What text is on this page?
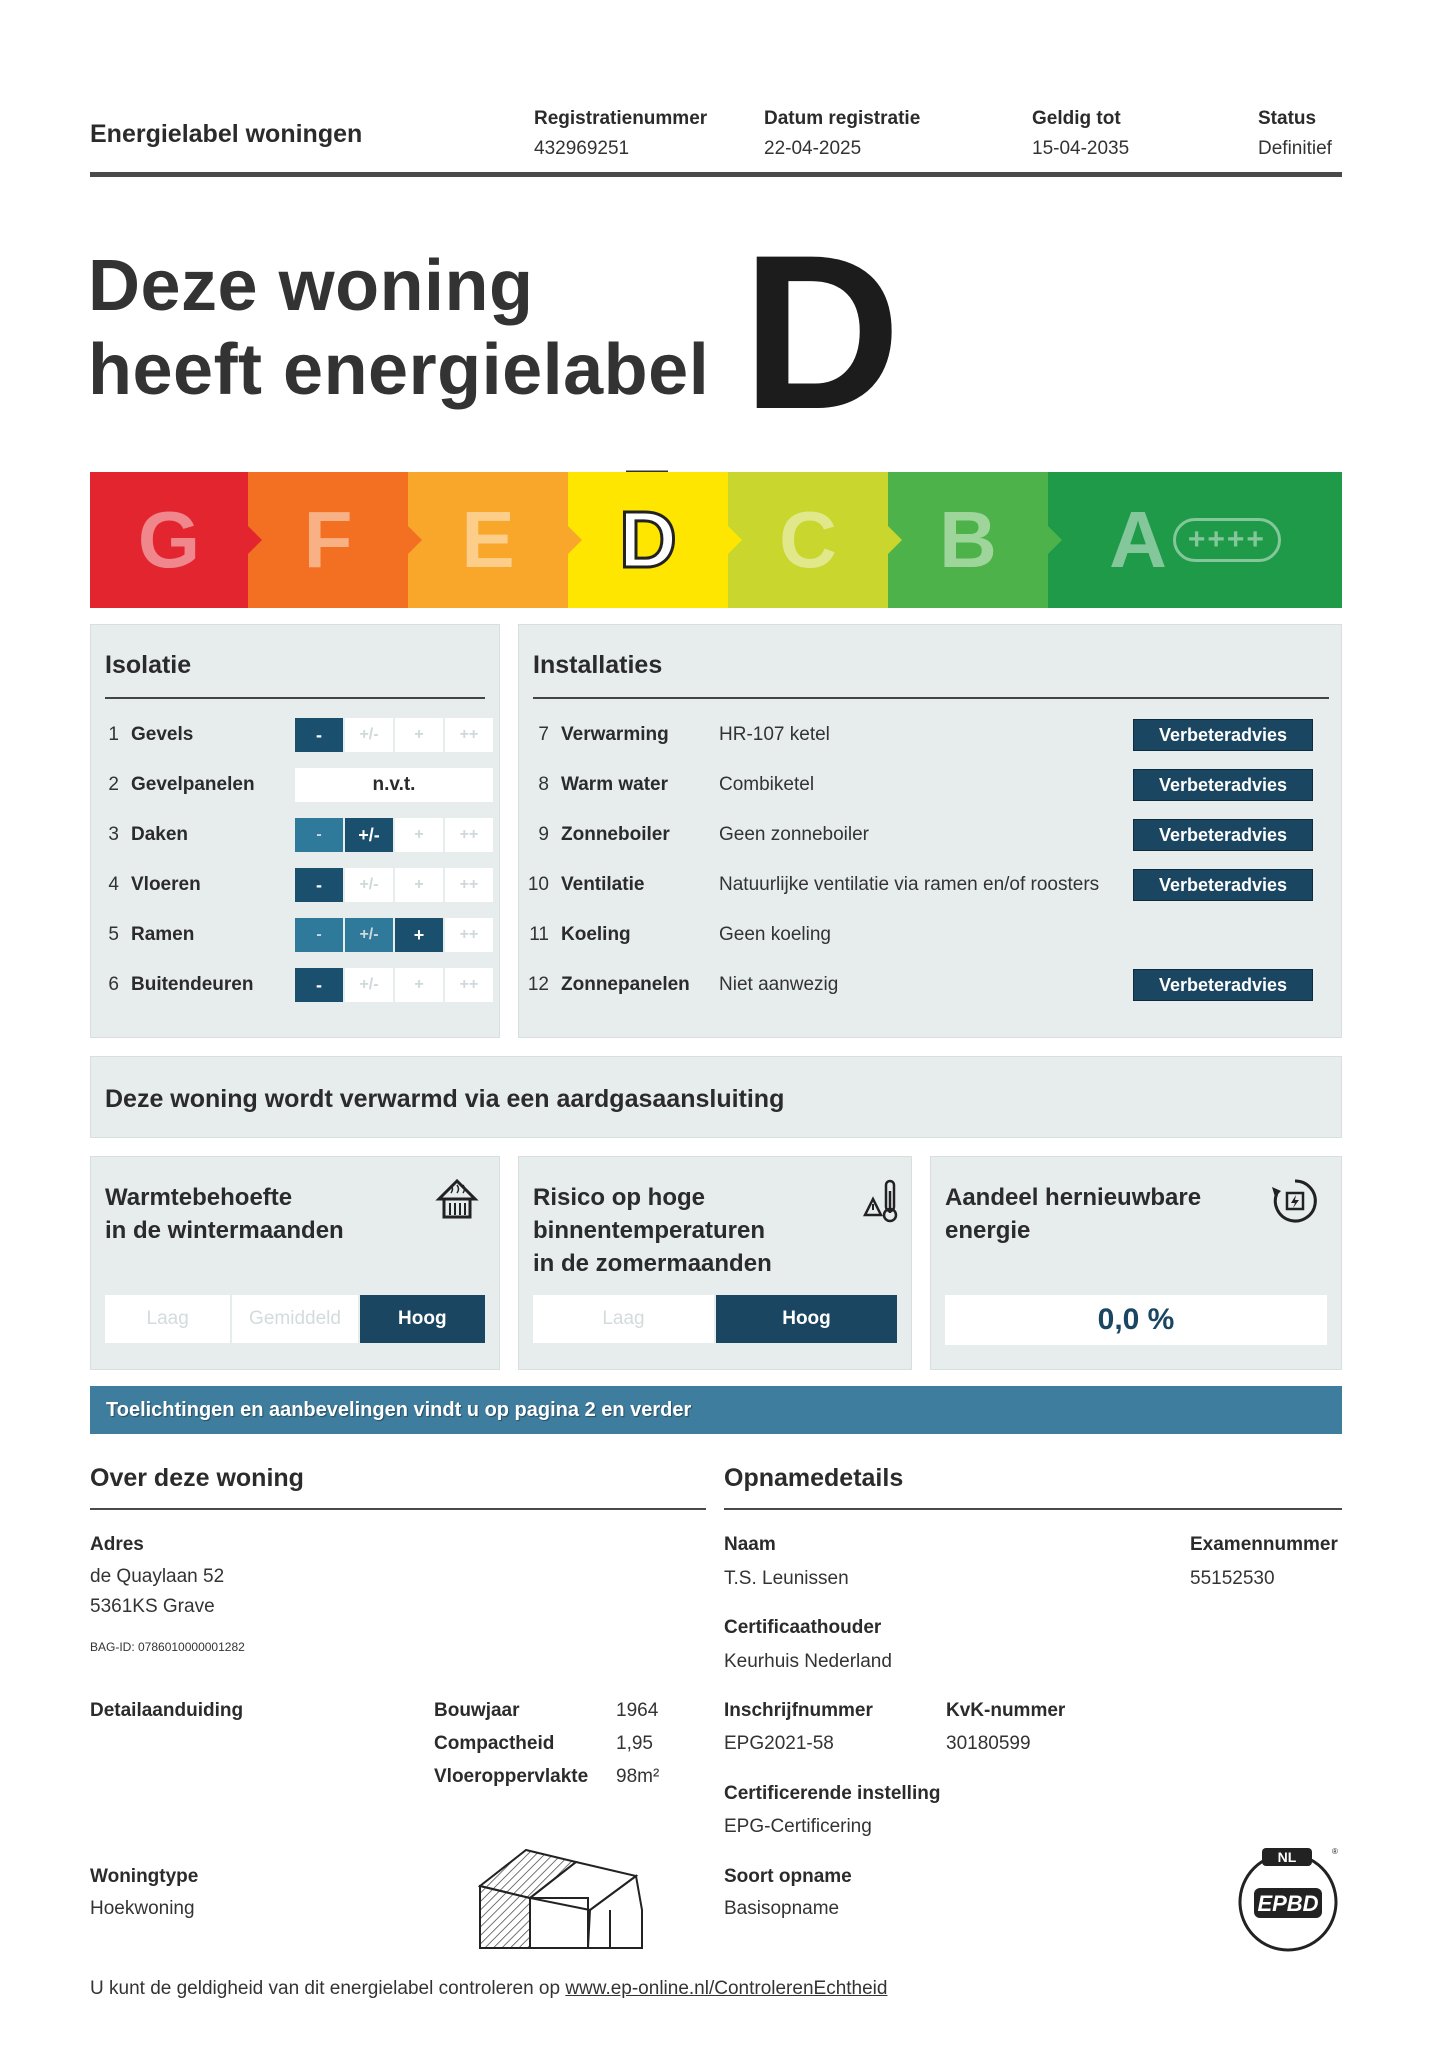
Energielabel woningen
Registratienummer
432969251
Datum registratie
22-04-2025
Geldig tot
15-04-2035
Status
Definitief
Deze woning
heeft energielabel D
G F E D C B A ++++
Isolatie
1 Gevels	-	+/-	+	++
2 Gevelpanelen	n.v.t.
3 Daken	-	+/-	+	++
4 Vloeren	-	+/-	+	++
5 Ramen	-	+/-	+	++
6 Buitendeuren	-	+/-	+	++
Installaties
7 Verwarming	HR-107 ketel	Verbeteradvies
8 Warm water	Combiketel	Verbeteradvies
9 Zonneboiler	Geen zonneboiler	Verbeteradvies
10 Ventilatie	Natuurlijke ventilatie via ramen en/of roosters	Verbeteradvies
11 Koeling	Geen koeling
12 Zonnepanelen	Niet aanwezig	Verbeteradvies
Deze woning wordt verwarmd via een aardgasaansluiting
Warmtebehoefte
in de wintermaanden
Laag	Gemiddeld	Hoog
Risico op hoge
binnentemperaturen
in de zomermaanden
Laag	Hoog
Aandeel hernieuwbare
energie
0,0 %
Toelichtingen en aanbevelingen vindt u op pagina 2 en verder
Over deze woning
Adres
de Quaylaan 52
5361KS Grave
BAG-ID: 0786010000001282
Detailaanduiding	Bouwjaar	1964
Compactheid	1,95
Vloeroppervlakte 98m²
Woningtype
Hoekwoning
Opnamedetails
Naam
T.S. Leunissen
Examennummer
55152530
Certificaathouder
Keurhuis Nederland
Inschrijfnummer
EPG2021-58
KvK-nummer
30180599
Certificerende instelling
EPG-Certificering
Soort opname
Basisopname
NL
EPBD
®
U kunt de geldigheid van dit energielabel controleren op www.ep-online.nl/ControlerenEchtheid
